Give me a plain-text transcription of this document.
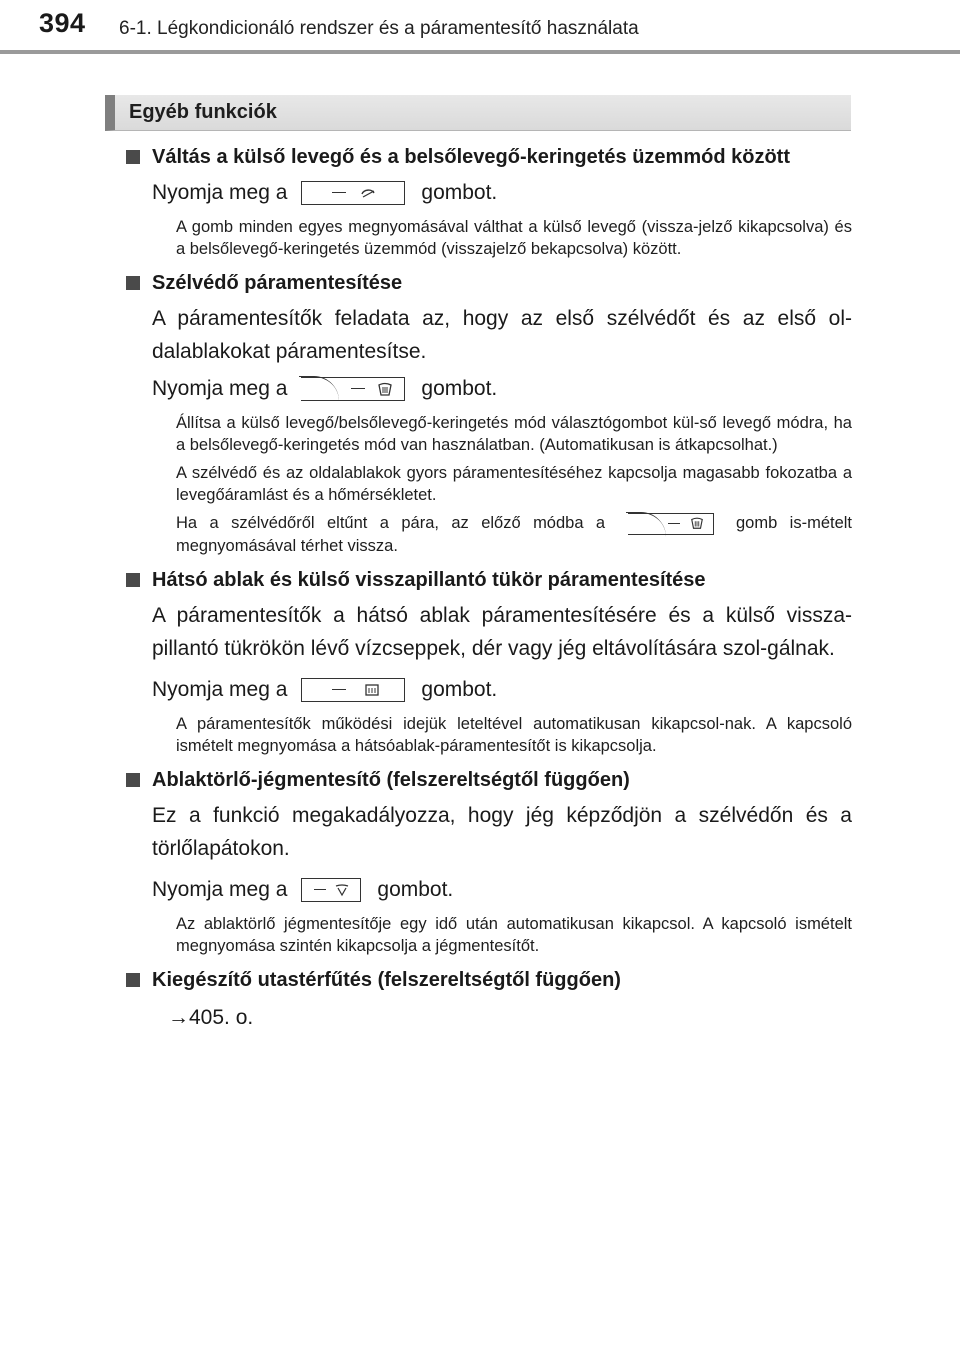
394 6-1. Légkondicionáló rendszer és a páramentesítő használata
Egyéb funkciók
Váltás a külső levegő és a belsőlevegő-keringetés üzemmód között
Nyomja meg a	gombot.
A gomb minden egyes megnyomásával válthat a külső levegő (vissza-jelző kikapcsolva) és a belsőlevegő-keringetés üzemmód (visszajelző bekapcsolva) között.
Szélvédő páramentesítése
A páramentesítők feladata az, hogy az első szélvédőt és az első ol-dalablakokat páramentesítse.
Nyomja meg a	gombot.
Állítsa a külső levegő/belsőlevegő-keringetés mód választógombot kül-ső levegő módra, ha a belsőlevegő-keringetés mód van használatban. (Automatikusan is átkapcsolhat.)
A szélvédő és az oldalablakok gyors páramentesítéséhez kapcsolja magasabb fokozatba a levegőáramlást és a hőmérsékletet.
Ha a szélvédőről eltűnt a pára, az előző módba a	gomb is-mételt megnyomásával térhet vissza.
Hátsó ablak és külső visszapillantó tükör páramentesítése
A páramentesítők a hátsó ablak páramentesítésére és a külső vissza-pillantó tükrökön lévő vízcseppek, dér vagy jég eltávolítására szol-gálnak.
Nyomja meg a	gombot.
A páramentesítők működési idejük leteltével automatikusan kikapcsol-nak. A kapcsoló ismételt megnyomása a hátsóablak-páramentesítőt is kikapcsolja.
Ablaktörlő-jégmentesítő (felszereltségtől függően)
Ez a funkció megakadályozza, hogy jég képződjön a szélvédőn és a törlőlapátokon.
Nyomja meg a	gombot.
Az ablaktörlő jégmentesítője egy idő után automatikusan kikapcsol. A kapcsoló ismételt megnyomása szintén kikapcsolja a jégmentesítőt.
Kiegészítő utastérfűtés (felszereltségtől függően)
→405. o.
